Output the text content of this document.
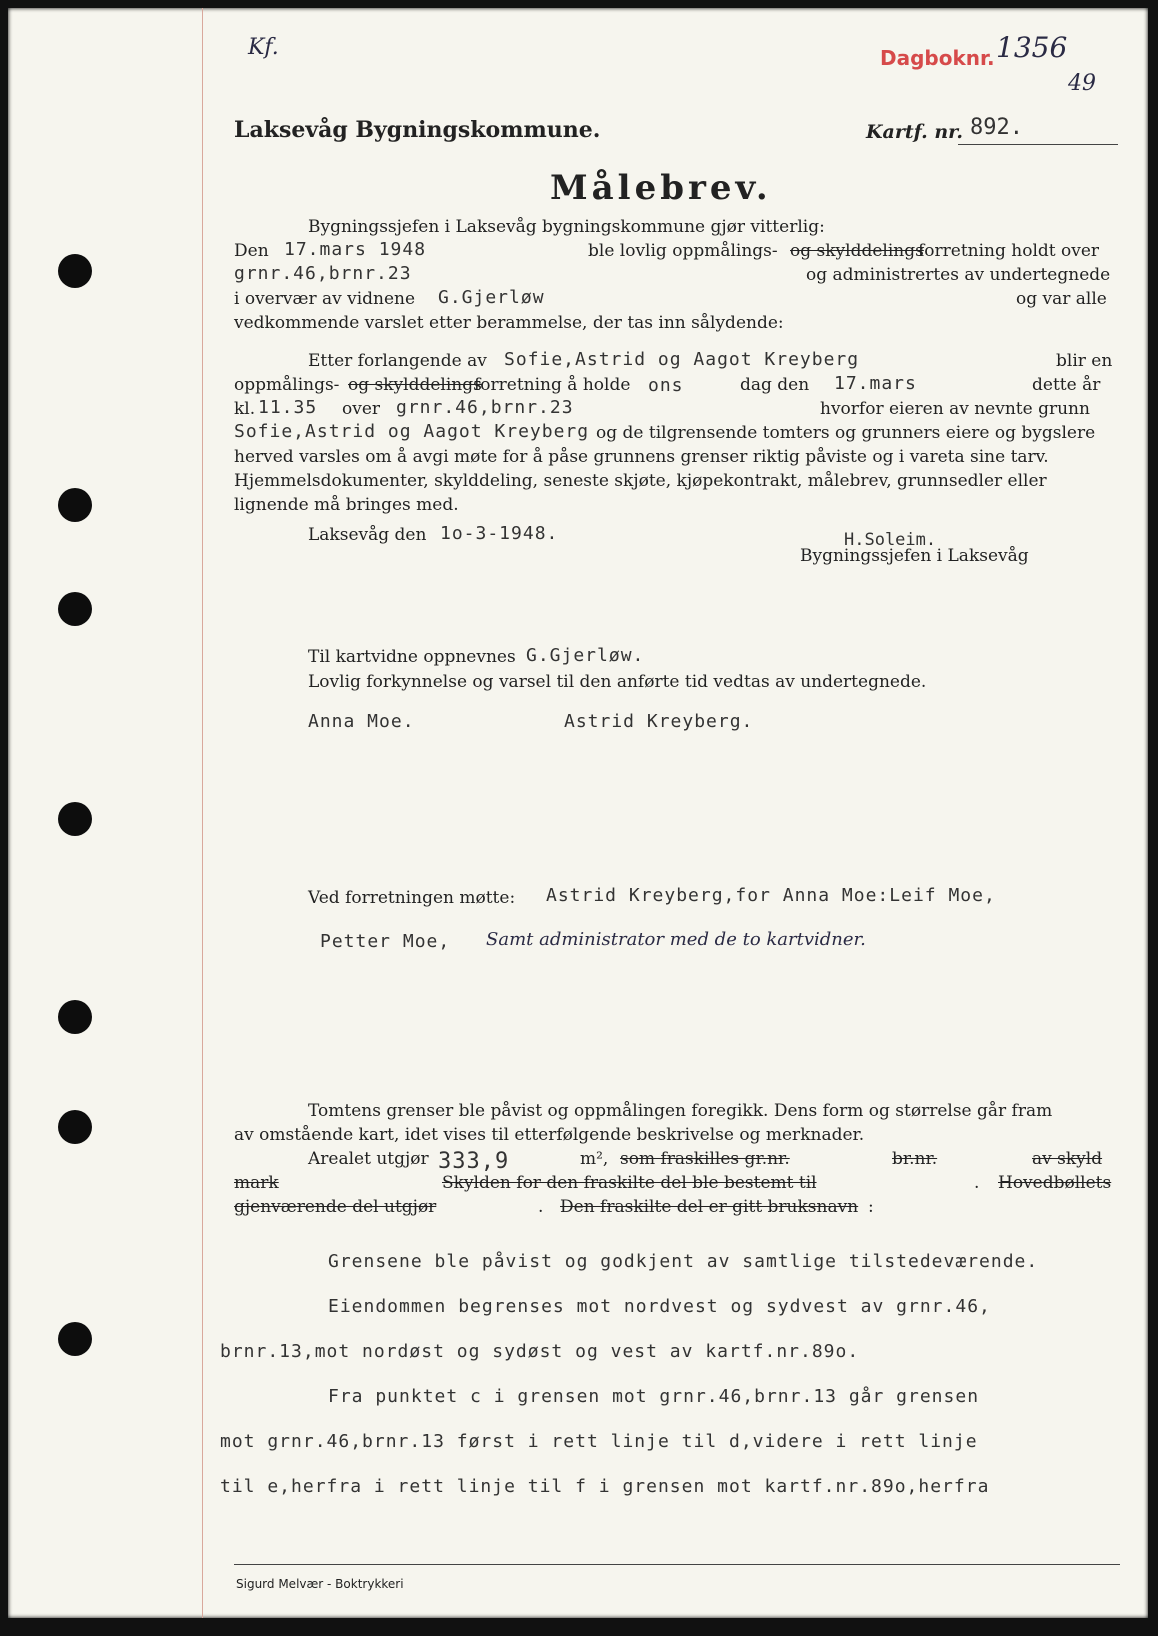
Kf.	Dagboknr. 1356
49
Laksevåg Bygningskommune.	Kartf. nr. 892.
Målebrev.
Bygningssjefen i Laksevåg bygningskommune gjør vitterlig:
Den 17.mars 1948	ble lovlig oppmålings- og skylddelings
forretning holdt over
grnr.46,brnr.23	og administrertes av undertegnede
i overvær av vidnene G.Gjerløw	og var alle
vedkommende varslet etter berammelse, der tas inn sålydende:
Etter forlangende av Sofie,Astrid og Aagot Kreyberg	blir en
oppmålings- og skylddelings
forretning å holde ons	dag den 17.mars	dette år
kl. 11.35 over grnr.46,brnr.23	hvorfor eieren av nevnte grunn
Sofie,Astrid og Aagot Kreyberg og de tilgrensende tomters og grunners eiere og bygslere
herved varsles om å avgi møte for å påse grunnens grenser riktig påviste og i vareta sine tarv.
Hjemmelsdokumenter, skylddeling, seneste skjøte, kjøpekontrakt, målebrev, grunnsedler eller
lignende må bringes med.
Laksevåg den 1o-3-1948.	H.Soleim.
Bygningssjefen i Laksevåg
Til kartvidne oppnevnes G.Gjerløw.
Lovlig forkynnelse og varsel til den anførte tid vedtas av undertegnede.
Anna Moe.	Astrid Kreyberg.
Ved forretningen møtte: Astrid Kreyberg,for Anna Moe:Leif Moe,
Petter Moe, Samt administrator med de to kartvidner.
Tomtens grenser ble påvist og oppmålingen foregikk. Dens form og størrelse går fram
av omstående kart, idet vises til etterfølgende beskrivelse og merknader.
Arealet utgjør 333,9	m², som fraskilles gr.nr.	br.nr.	av skyld
mark	Skylden for den fraskilte del ble bestemt til	. Hovedbøllets
gjenværende del utgjør	. Den fraskilte del er gitt bruksnavn :
Grensene ble påvist og godkjent av samtlige tilstedeværende.
Eiendommen begrenses mot nordvest og sydvest av grnr.46,
brnr.13,mot nordøst og sydøst og vest av kartf.nr.89o.
Fra punktet c i grensen mot grnr.46,brnr.13 går grensen
mot grnr.46,brnr.13 først i rett linje til d,videre i rett linje
til e,herfra i rett linje til f i grensen mot kartf.nr.89o,herfra
Sigurd Melvær - Boktrykkeri
